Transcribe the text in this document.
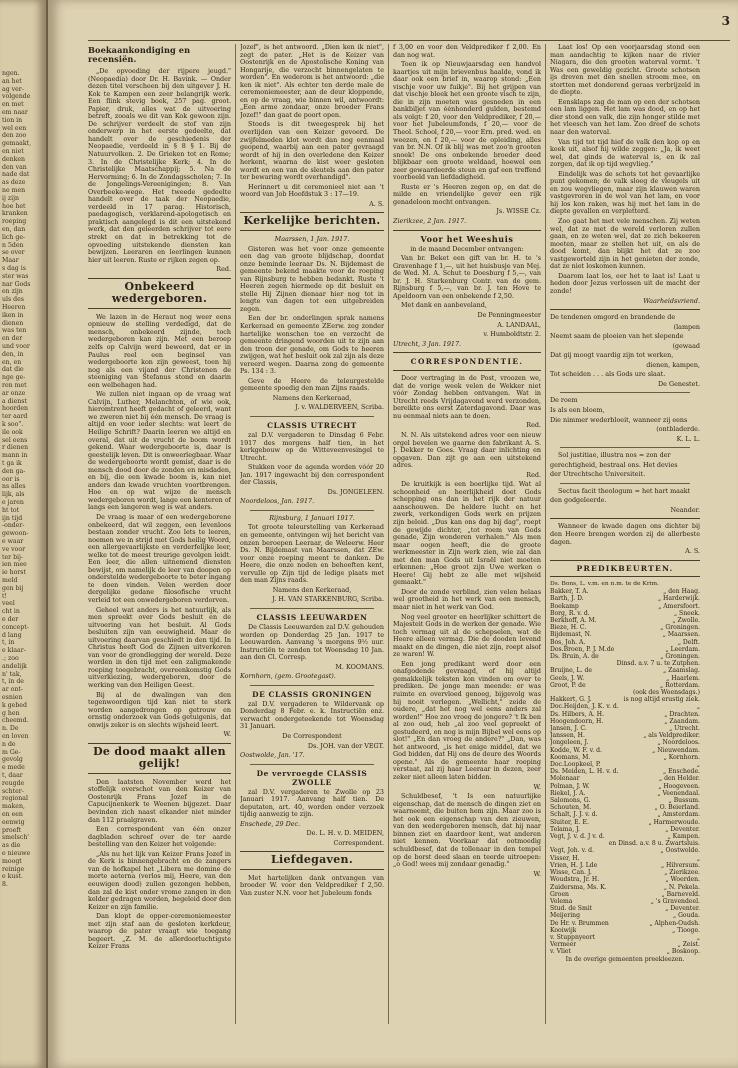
ngen.
an het
ag ver-
volgende
en met
em naar
tion in
wel een
den zoo
gemaakt,
en niet
denken
den van
nade dat
as deze
ne men
ij zijn
hoe het
kranken
roeping
en, dan
lich ge-
n 5den
se over
Maar
s dag is
ster was
nar Gods
en zijn
uls des
Heeren
iken in
dienen
was ten
en der
und voor
den, in
en, en
dat die
nge ge-
ren met
ar onze
a dienst
hoorden
ter aard
k soo".
ile ook
sel eens
r dienen
mann in
t ga ik
den ga-
oor is
ns alles
lijk, als
e jaren
ht tot
ijn tijd
-onder-
gewoon-
e waar
ve voor
ter bij-
ien mee
ie horst
meld
gen bij
t!
veel
cht in
e der
concept-
d lang
t, in
e klaar-
.; zoo
andelijk
n' tak,
t, in de
ar ont-
esnien
k gebed
g hen
cheemd.
n. De
en loven
n de
m Ge-
gevolg
e mede
t, daar
reugde
schter-
regional
maken,
en een
eenwig
proeft
smelsch'
as die
e nieuwe
moogt
reinige
e kust.
8.
3
Boekaankondiging en recensiën.

„De opvoeding der rijpere jeugd." (Neopaedia) door Dr. H. Bavink. — Onder dezen titel verscheen bij den uitgever J. H. Kok te Kampen een zeer belangrijk werk. Een flink stevig boek, 257 pag. groot. Papier, druk, alles wat de uitvoering betreft, zooals we dit van Kok gewoon zijn. De schrijver verdeelt de stof van zijn onderwerp in het eerste gedeelte, dat handelt over de geschiedenis der Neopaedie, verdeeld in § 8 § 1. Bij de Natuurvolken. 2. De Grieken tot en Rome; 3. In de Christelijke Kerk; 4. In de Christelijke Maatschappij; 5. Na de Hervorming; 6. In de Zondagsscholen; 7. In de Jongelings-Vereenigingen; 8. Van Overbeeke-wege. Het tweede gedeelte handelt over de taak der Neopaedie, verdeeld in 17 parag. Historisch, paedagogisch, verklarend-apologetisch en praktisch aangelegd is dit een uitstekend werk, dat den geleerden schrijver tot eere strekt en dat in betrekking tot de opvoeding uitstekende diensten kan bewijzen. Leeraren en leerlingen kunnen hier uit leeren. Ruste er rijken zegen op.

Red.

Onbekeerd wedergeboren.

We lazen in de Heraut nog weer eens opnieuw de stelling verdedigd, dat de mensch, onbekeerd zijnde, toch wedergeboren kan zijn. Met een beroep zelfs op Calvijn werd beweerd, dat er in Paulus reel een beginsel van wedergeboorte kon zijn geweest, toen hij nog als een vijand der Christenen de steeniging van Stefanus stond en daarin een welbehagen had.

We zullen niet ingaan op de vraag wat Calvijn, Luther, Melanchton, of wie ook, hieromtrent heeft gedacht of geleerd, want we zweren niet bij één mensch. De vraag is altijd en voor ieder slechts: wat leert de Heilige Schrift? Daarin leeren we altijd en overal, dat uit de vrucht de boom wordt gekend. Waar wedergeboorte is, daar is geestelijk leven. Dit is onweerlegbaar. Waar de wedergeboorte wordt gemist, daar is de mensch dood door de zonden en misdaden, en bij, die een kwade boom is, kan niet anders dan kwade vruchten voortbrengen. Hoe en op wat wijze de mensch wedergeboren wordt, lange een kenteren of langs een langeren weg is wat anders.

De vraag is maar of een wedergeborene onbekeerd, dat wil zeggen, een levenloos bestaan zonder vrucht. Zoo lets te leeren, noemen we in strijd met Gods heilig Woord, een allergevaarlijkste en verderfelijke leer, welke tot de meest treurige gevolgen leidt. Een leer, die allen uitnemend diensten bewijst, om namelijk de leer van doopen op onderstelde wedergeboorte te beter ingang te doen vinden. Velen werden door dergelijke gedane filosofische vrucht verleid tot een onwedergeboren verdorven.

Geheel wat anders is het natuurlijk, als men spreekt over Gods besluit en de uitvoering van het besluit. Al Gods besluiten zijn van eeuwigheid. Maar de uitvoering daarvan geschiedt in den tijd. In Christus heeft God de Zijnen uitverkoren van voor de grondlegging der wereld. Deze worden in den tijd met een zaligmakende roeping toegebracht, overeenkomstig Gods uitverkiezing, wedergeboren, door de werking van den Heiligen Geest.

Bij al de dwalingen van den tegenwoordigen tijd kan niet te sterk worden aangedrongen op getrouw en ernstig onderzoek van Gods getuigenis, dat onwijs zeker is en slechts wijsheid leert.

W.

De dood maakt allen gelijk!

Den laatsten November werd het stoffelijk overschot van den Keizer van Oostenrijk Frans Jozef in de Capucijnenkerk te Weenen bijgezet. Daar bevinden zich naast elkander niet minder dan 112 praalgraven.

Een correspondent van één onzer dagbladen schreef over de ter aarde bestelling van den Keizer het volgende:

„Als nu het lijk van Keizer Frans Jozef in de Kerk is binnengebracht en de zangers van de hofkapel het „Libera me domine de morte aeterna (verlos mij, Heere, van den eeuwigen dood) zullen gezongen hebben, dan zal de kist onder vrome zangen in den kelder gedragen worden, begeleid door den Keizer en zijn familie.

Dan klopt de opper-ceremoniemeester met zijn staf aan de gesloten kerkdeur, waarop de pater vraagt wie toegang begeert. „Z. M. de allerdoorluchtigste Keizer Frans

Jozef", is het antwoord. „Dien ken ik niet", zegt de pater. „Het is de Keizer van Oostenrijk en de Apostolische Koning van Hongarije, die verzocht binnengelaten te worden". En wederom is het antwoord: „die ken ik niet". Als echter ten derde male de ceremoniemeester, aan de deur kloppende, en op de vraag, wie binnen wil, antwoordt: „Een arme zondaar, onze broeder Frans Jozef!" dan gaat de poort open.

Stoeds is dit tweegesprek bij het overlijden van een Keizer gevoerd. De zwijfelmeden klot wordt dan nog eenmaal geopend, waarbij aan een pater gevraagd wordt of hij in den overledene den Keizer herkent, waarna de kist weer gesloten wordt en een van de sleutels aan den pater ter bewaring wordt overhandigd".

Herinnert u dit ceremonieel niet aan 't woord van Job Hoofdstuk 3 : 17—19.

A. S.

Kerkelijke berichten.

Maarssen, 1 Jan. 1917.

Gisteren was het voor onze gemeente een dag van groote blijdschap, doordat onze beminde leeraar Ds. N. Bijdemast de gemeente bekend maakte voor de roeping van Rijnsburg te hebben bedankt. Ruste 't Heeren zegen hiermede op dit besluit en stelle Hij Zijnen dienaar hier nog tot in lengte van dagen tot een uitgebreiden zegen.

Een der br. onderlingen sprak namens Kerkeraad en gemeente ZEerw. zeg zonder hartelijke wenschen toe en verzocht de gemeente dringend woorden uit te zijn aan den troon der genade, om Gods te heeren zwijgen, wat het besluit ook zal zijn als deze vereerd wegen. Daarna zong de gemeente Ps. 134 : 3.

Geve de Heere de teleurgestelde gemeente spoedig den man Zijns raads.

Namens den Kerkeraad,

J. v. WALDERVEEN, Scriba.

CLASSIS UTRECHT

zal D.V. vergaderen te Dinsdag 6 Febr. 1917 des morgens half tien, in het kerkgebouw op de Witteveenvesingel te Utrecht.

Stukken voor de agenda worden vóór 20 Jan. 1917 ingewacht bij den correspondent der Classis,

Ds. JONGELEEN.

Noordeloos, Jan. 1917.

Rijnsburg, 1 Januari 1917.

Tot groote teleurstelling van Kerkeraad en gemeente, ontvingen wij het bericht van onzen beroepen Leeraar, de Weleerw. Heer Ds. N. Bijdemast van Maarssen, dat ZEw. voor onze roeping meent te danken. De Heere, die onze noden en behoeften kent, vervulle op Zijn tijd de ledige plaats met den man Zijns raads.

Namens den Kerkeraad,

J. H. VAN STARKENBURG, Scriba.

CLASSIS LEEUWARDEN

De Classis Leeuwarden zal D.V. gehouden worden op Donderdag 25 Jan. 1917 te Leeuwarden. Aanvang 's morgens 9½ uur. Instructiën te zenden tot Woensdag 10 Jan. aan den Cl. Corresp.

M. KOOMANS.

Kornhorn, (gem. Grootegast).

DE CLASSIS GRONINGEN

zal D.V. vergaderen te Wildervank op Donderdag 8 Febr. e. k. Instructiën enz. verwacht ondergeteekende tot Woensdag 31 Januari.

De Correspondent

Ds. JOH. van der VEGT.

Oostwolde, Jan. '17.

De vervroegde CLASSIS ZWOLLE

zal D.V. vergaderen te Zwolle op 23 Januari 1917. Aanvang half tien. De deputaten, art. 40, worden onder verzoek tijdig aanwezig te zijn.

Enschede, 29 Dec.

De. L. H. v. D. MEIDEN,

Correspondent.

Liefdegaven.

Met hartelijken dank ontvangen van broeder W. voor den Veldprediker f 2,50. Van zuster N.N. voor het Jubeleum fonds

f 3,00 en voor den Veldprediker f 2,00. En dan nog wat.

Toen ik op Nieuwjaarsdag een handvol kaartjes uit mijn brievenbus haalde, vond ik daar ook een brief in, waarop stond: „Een vischje voor uw fuikje". Bij het grijpen van dat vischje bleek het een groote visch te zijn, die in zijn moeten was gesneden in een bankbiljet van éénhonderd gulden, bestemd als volgt: f 20, voor den Veldprediker, f 20,— voor het Jubeleumfonds, f 20,— voor de Theol. School, f 20,— voor Ern. pred. wed. en weezen, en f 20,— voor de opleiding, alles van br. N.N. Of ik blij was met zoo'n grooten snoek! De ons onbekende broeder deed blijkbaar een groote weldaad, hoewel een zeer gewaardeerde steun en gaf een treffend voorbeeld van liefdadigheid.

Ruste er 's Heeren zegen op, en dat de milde en vriendelijke gever een rijk genadeloon mocht ontvangen.

Js. WISSE Cz.

Zierikzee, 2 Jan. 1917.

Voor het Weeshuis

in de maand December ontvangen:

Van br. Beket een gift van br. H. te 's Gravenhage f 1,—, uit het huisbusje van Mej. de Wed. M. A. Schut te Doesburg f 5,—, van br. J. H. Starkenburg Contr. van de gem. Rijnsburg f 5,—, van br. J. ten Hove te Apeldoorn van een onbekende f 2,50.

Met dank en aanbeveland,

De Penningmeester

A. LANDAAL,

v. Humboldtstr. 2.

Utrecht, 3 Jan. 1917.

CORRESPONDENTIE.

Door vertraging in de Post, vroozen we, dat de vorige week velen de Wekker niet vóór Zondag hebben ontvangen. Wat in Utrecht reeds Vrijdagavond werd verzonden, bereikte ons eerst Zaterdagavond. Daar was nu eenmaal niets aan te doen.

Red.

N. N. Als uitstekend adres voor een nieuw orgel bevelen we gaarne den fabrikant A. S. J. Dekker te Goes. Vraag daar inlichting en opgaven. Dan zijt ge aan een uitstekend adres.

Red.

De kruitkijk is een boerlijke tijd. Wat al schoonheid en heerlijkheid doet Gods schepping ons dan in het rijk der natuur aanschouwen. De heldere lucht en het zwerk, verkondigen Gods werk en prijzen zijn beleid. „Dus kan ons dag bij dag", roept de gewijde dichter, „tot roem van Gods genade, Zijn wonderen verhalen." Als men maar oogen heeft, die de groote werkmeester in Zijn werk zien, wie zal dan met den man Gods uit Israël niet moeten erkennen: „Hoe groot zijn Uwe werken o Heere! Gij hebt ze alle met wijsheid gemaakt."

Door de zonde verblind, zien velen helaas wel grootheid in het werk van een mensch, maar niet in het werk van God.

Nog veel grooter en heerlijker schittert de Majesteit Gods in de werken der genade. Wie toch vermag uit al de schepselen, wat de Heere alleen vermag. Die de dooden levend maakt en de dingen, die niet zijn, roept alsof ze waren! W.

Een jong predikant werd door een onafgodende gevraagd, of hij altijd gemakkelijk teksten kon vinden om over te prediken. De jonge man meende: er was ruimte en overvloed genoeg, bijgevolg was hij nooit verlegen. „Wellicht," zeide de oudere, „dat het nog wel eens anders zal worden!" Hoe zoo vroeg de jongere? 't Ik ben al zoo oud, heb „al zoo veel gepreekt of gestudeerd, en nog is mijn Bijbel wel eens op slot!" „En dan vroeg de andere?" „Dan, was het antwoord, „is het enige middel, dat we God bidden, dat Hij ons de deure des Woords opene." Als de gemeente haar roeping verstaat, zal zij haar Leeraar in dezen, zeer zeker niet alleen laten bidden.

W.

Schuldbesef, 't Is een natuurlijke eigenschap, dat de mensch de dingen ziet en waarneemt, die buiten hem zijn. Maar zoo is het ook een eigenschap van den zieuwen, van den wedergeboren mensch, dat hij naar binnen ziet en daardoor kent, wat anderen niet kennen. Voorkaar dat ootmoedig schuldbesef, dat de tollenaar in den tempel op de borst deed slaan en teerde uitroepen: „o God! wees mij zondaar genadig."

W.

Laat los! Op een voorjaarsdag stond een man aandachtig te kijken naar de rivier Niagara, die den grooten waterval vormt. 't Was een geweldig gezicht. Groote schotsen ijs dreven met den snellen stroom mee, en stortten met donderend geraas verbrijzeld in de diepte.

Eensklaps zag de man op een der schotsen een lam liggen. Het lam was dood, en op het dier stond een valk, die zijn honger stilde met het vleesch van het lam. Zoo dreef de schots naar den waterval.

Van tijd tot tijd hief de valk den kop op en keek uit, alsof hij wilde zeggen: „Ja, ik weet wel, dat ginds de waterval is, en ik zal zorgen, dat ik op tijd wegvlieg."

Eindelijk was de schots tot het gevaarlijke punt gekomen; de valk sloeg de vleugels uit en zou wegvliegen, maar zijn klauwen waren vastgevroren in de wol van het lam, en voor hij los kon raken, was hij met het lam in de diepte gevallen en verpletterd.

Zoo gaat het met vele menschen. Zij weten wel, dat ze met de wereld verloren zullen gaan, en ze weten wel, dat ze zich bekeeren moeten, maar ze stellen het uit, en als de dood komt, dan blijkt het dat ze zoo vastgeworteld zijn in het genieten der zonde, dat ze niet loskomen kunnen.

Daarom laat los, eer het te laat is! Laat u heden door Jezus verlossen uit de macht der zonde!

Waarheidsvriend.

De tendenen omgord en brandende de

(lampen

Neemt saam de ploeien van het slepende

(gewaad

Dat gij moogt vaardig zijn tot werken,

dienen, kampen,

Tot scheiden . . . als Gods ure slaat.

De Genestet.

De roem

Is als een bloem,

Die nimmer wederbloeit, wanneer zij eens

(ontbladerde.

K. L. L.

Sol justitiae, illustra nos = zon der

gerechtigheid, bestraal ons. Het devies

der Utrechtsche Universiteit.

Sectus facit theologum = het hart maakt

den godgeleerde.

Neander.

Wanneer de kwade dagen ons dichter bij den Heere brengen worden zij de allerbeste dagen.

A. S.

PREDIKBEURTEN.
Ds. Bons, L. v.m. en n.m. te de Krim.
Bakker, T. A.	„ den Haag.
Barth, J. D.	„ Harderwijk.
Boekamp	„ Amersfoort.
Borg, R. v. d.	„ Sneek.
Berkhoff, A. M.	„ Zwolle.
Bieze, H. C.	„ Groningen.
Bijdemast, N.	„ Maarssen.
Bos, Joh. A.	„ Delft.
Dos.Broen, P. J. M.de	„ Leerdam.
Ds. Bruin, A. de	„ Groningen.
Dinsd. a.v. 7 u. te Zutphen.
Bruijne, L. de	„ Zaamslag.
Geels, J. W.	„ Haarlem.
Groot, P. de	„ Rotterdam.
(ook des Woensdags.)
Hakkert, G. J.	is nog altijd erustig ziek.
Doc.Heijden, J. K. v. d.	„
Ds. Hilbers, A. H.	„ Drachten.
Hoogendoorn, H.	„ Zaandam.
Jansen, J. C.	„ Utrecht.
Janssen, H.	„ als Veldprediker.
Jongeleen, J.	„ Noordeloos.
Kodde, W. F. v. d.	„ Nieuwendam.
Koomans, M.	„ Kornhorn.
Doc.Loopkeel, P.	„
Ds. Meiden, L. H. v. d.	„ Enschede.
Molenaar	„ den Helder.
Polman, J. W.	„ Hoogeveen.
Riekel, J. A.	„ Veenendaal.
Salomons, G.	„ Bussum.
Schouten, M.	„ O. Beierland.
Schalt, J. J. v. d.	„ Amsterdam.
Sluiter, E. E.	„ Harmerwoude.
Telama, J.	„ Deventer.
Vegt, J. v. d. J v. d.	„ Kampen.
en Dinsd. a.v. 8 u. Zwartsluis.
Vegt, Joh. v. d.	„ Oostwolde.
Visser, H.	„
Vrien, H. J. Lde	„ Hilversum.
Wisse, Can. J.	„ Zierikzee.
Woudstra, Jr. H.	„ Woerden.
Zuidersma, Ms. K.	„ N. Pekela.
Groen	„ Barneveld.
Velema	„ 's Gravendeel.
Stud. de Smit	„ Deventer.
Meijering	„ Gouda.
De Hr. v. Brummen	„ Alphen-Oudsh.
Kooiwijk	„ Tiooge.
v. Stuppnyeort	„
Vermeer	„ Zeist.
v. Vliet	„ Boskoop.

In de overige gemeenten preekleezen.
